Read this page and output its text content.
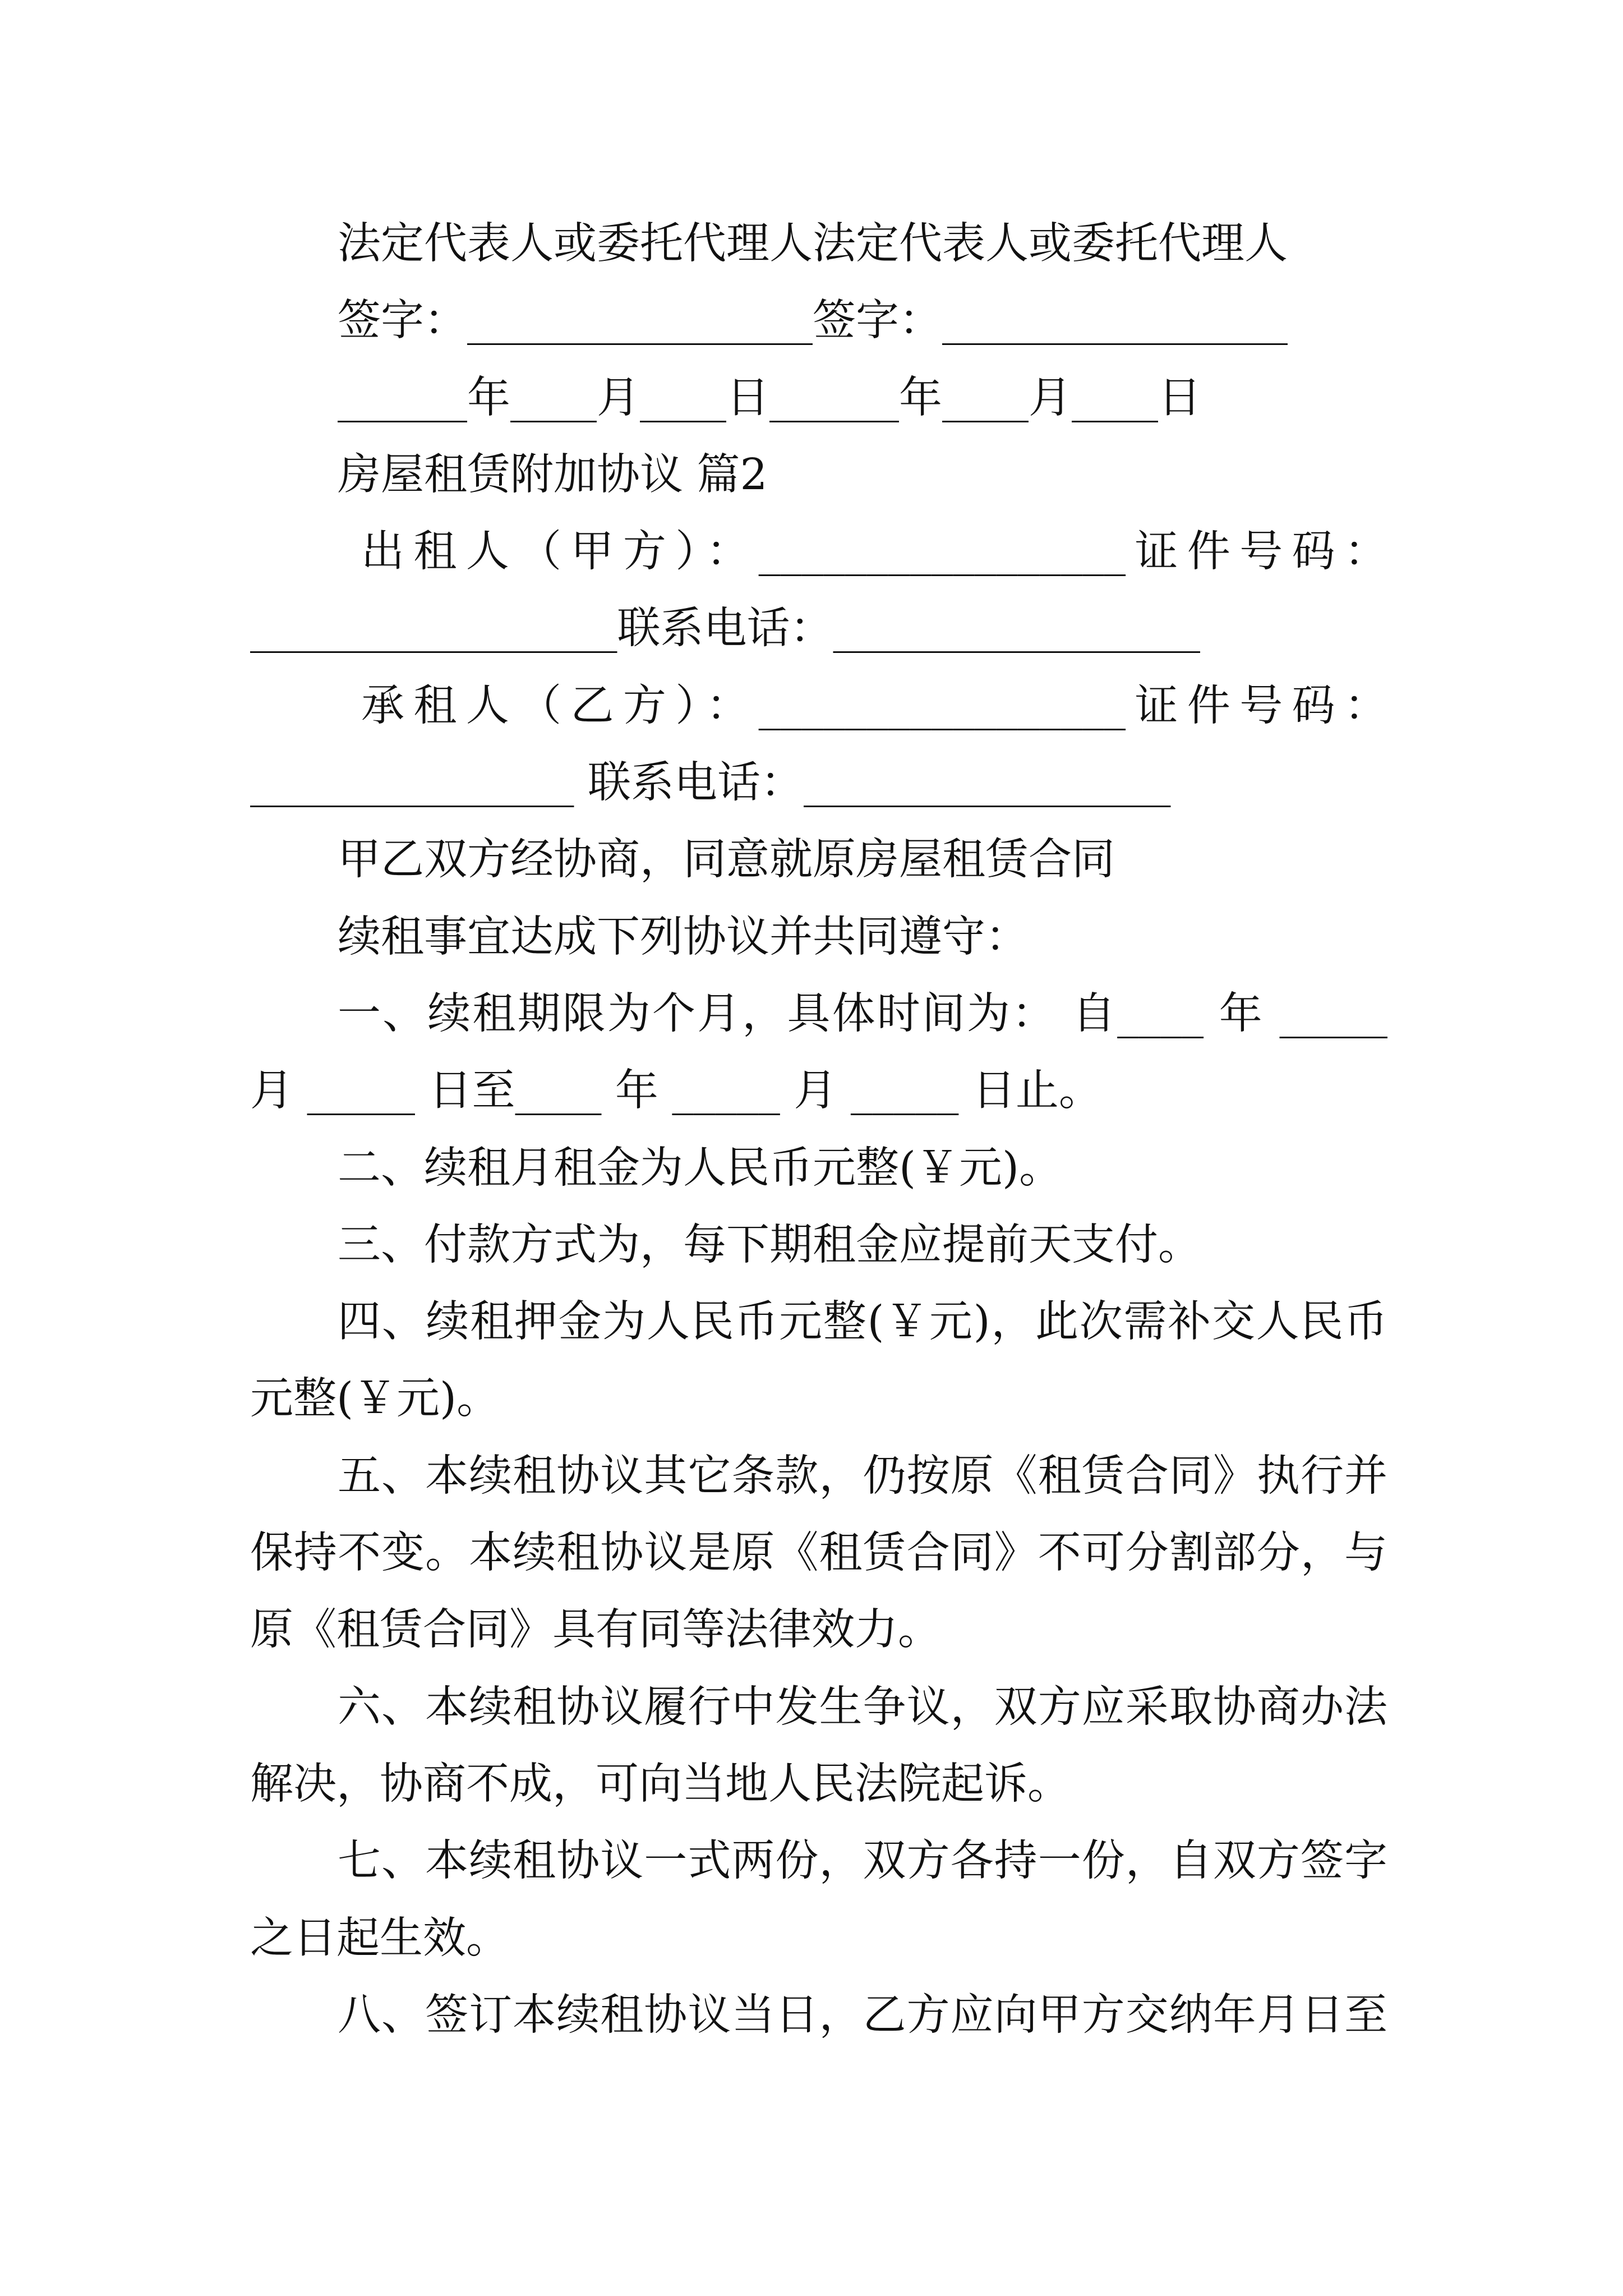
法定代表人或委托代理人法定代表人或委托代理人
签字：________________签字：________________
______年____月____日______年____月____日
房屋租赁附加协议 篇2
出租人（甲方）：_________________证件号码：
_________________联系电话：_________________
承租人（乙方）：_________________证件号码：
_______________ 联系电话：_________________
甲乙双方经协商，同意就原房屋租赁合同
续租事宜达成下列协议并共同遵守：
一、续租期限为个月，具体时间为： 自____ 年 _____
月 _____ 日至____ 年 _____ 月 _____ 日止。
二、续租月租金为人民币元整(￥元)。
三、付款方式为，每下期租金应提前天支付。
四、续租押金为人民币元整(￥元)，此次需补交人民币
元整(￥元)。
五、本续租协议其它条款，仍按原《租赁合同》执行并
保持不变。本续租协议是原《租赁合同》不可分割部分，与
原《租赁合同》具有同等法律效力。
六、本续租协议履行中发生争议，双方应采取协商办法
解决，协商不成，可向当地人民法院起诉。
七、本续租协议一式两份，双方各持一份，自双方签字
之日起生效。
八、签订本续租协议当日，乙方应向甲方交纳年月日至
